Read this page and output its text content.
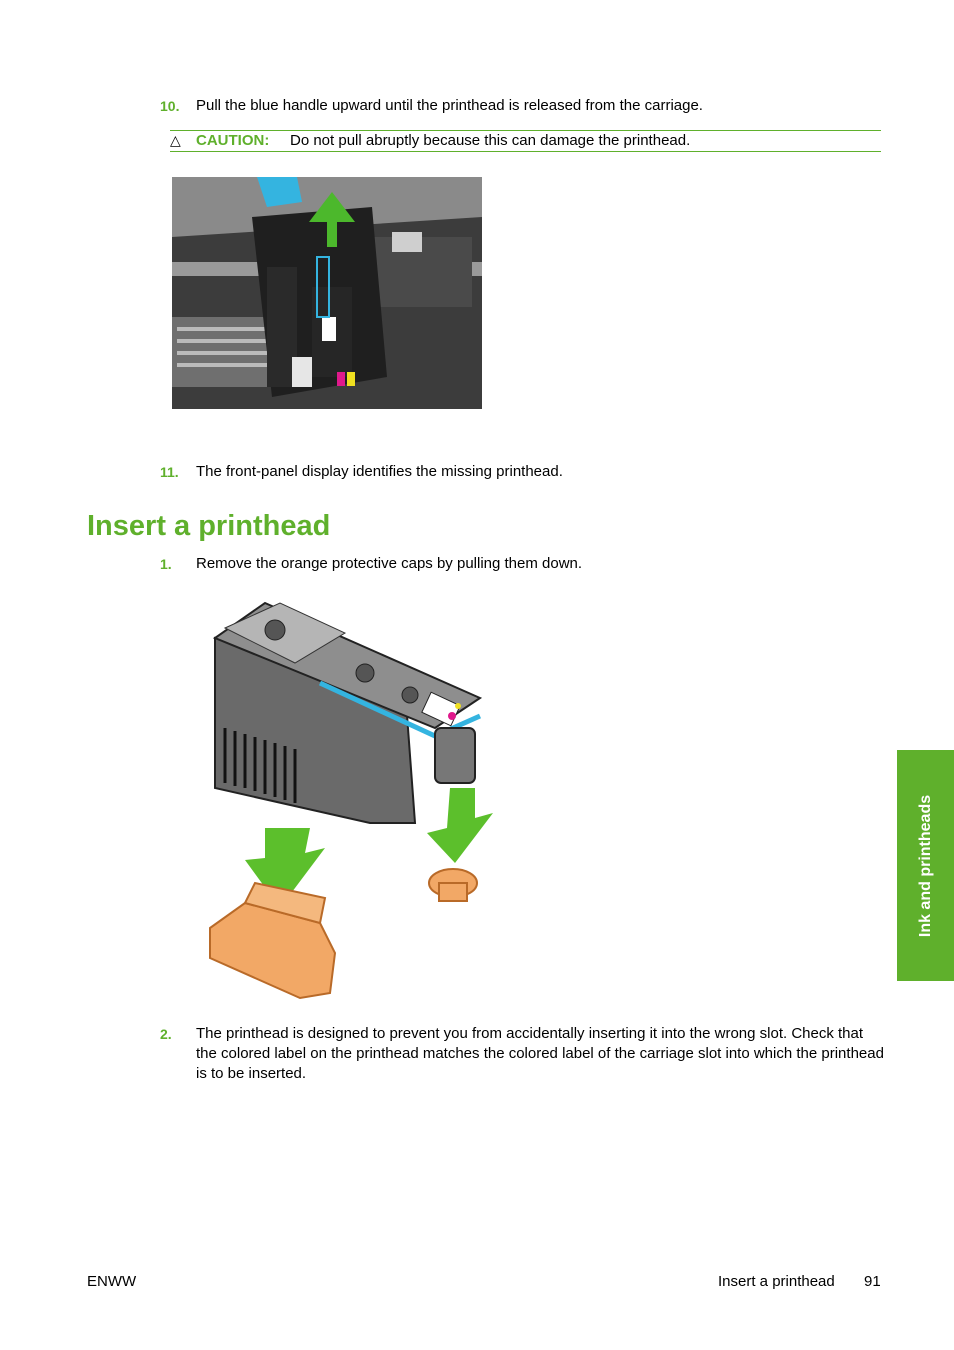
10.	Pull the blue handle upward until the printhead is released from the carriage.
△ CAUTION: Do not pull abruptly because this can damage the printhead.
11.	The front-panel display identifies the missing printhead.
Insert a printhead
1.	Remove the orange protective caps by pulling them down.
2.	The printhead is designed to prevent you from accidentally inserting it into the wrong slot. Check that the colored label on the printhead matches the colored label of the carriage slot into which the printhead is to be inserted.
Ink and printheads
ENWW	Insert a printhead 91
